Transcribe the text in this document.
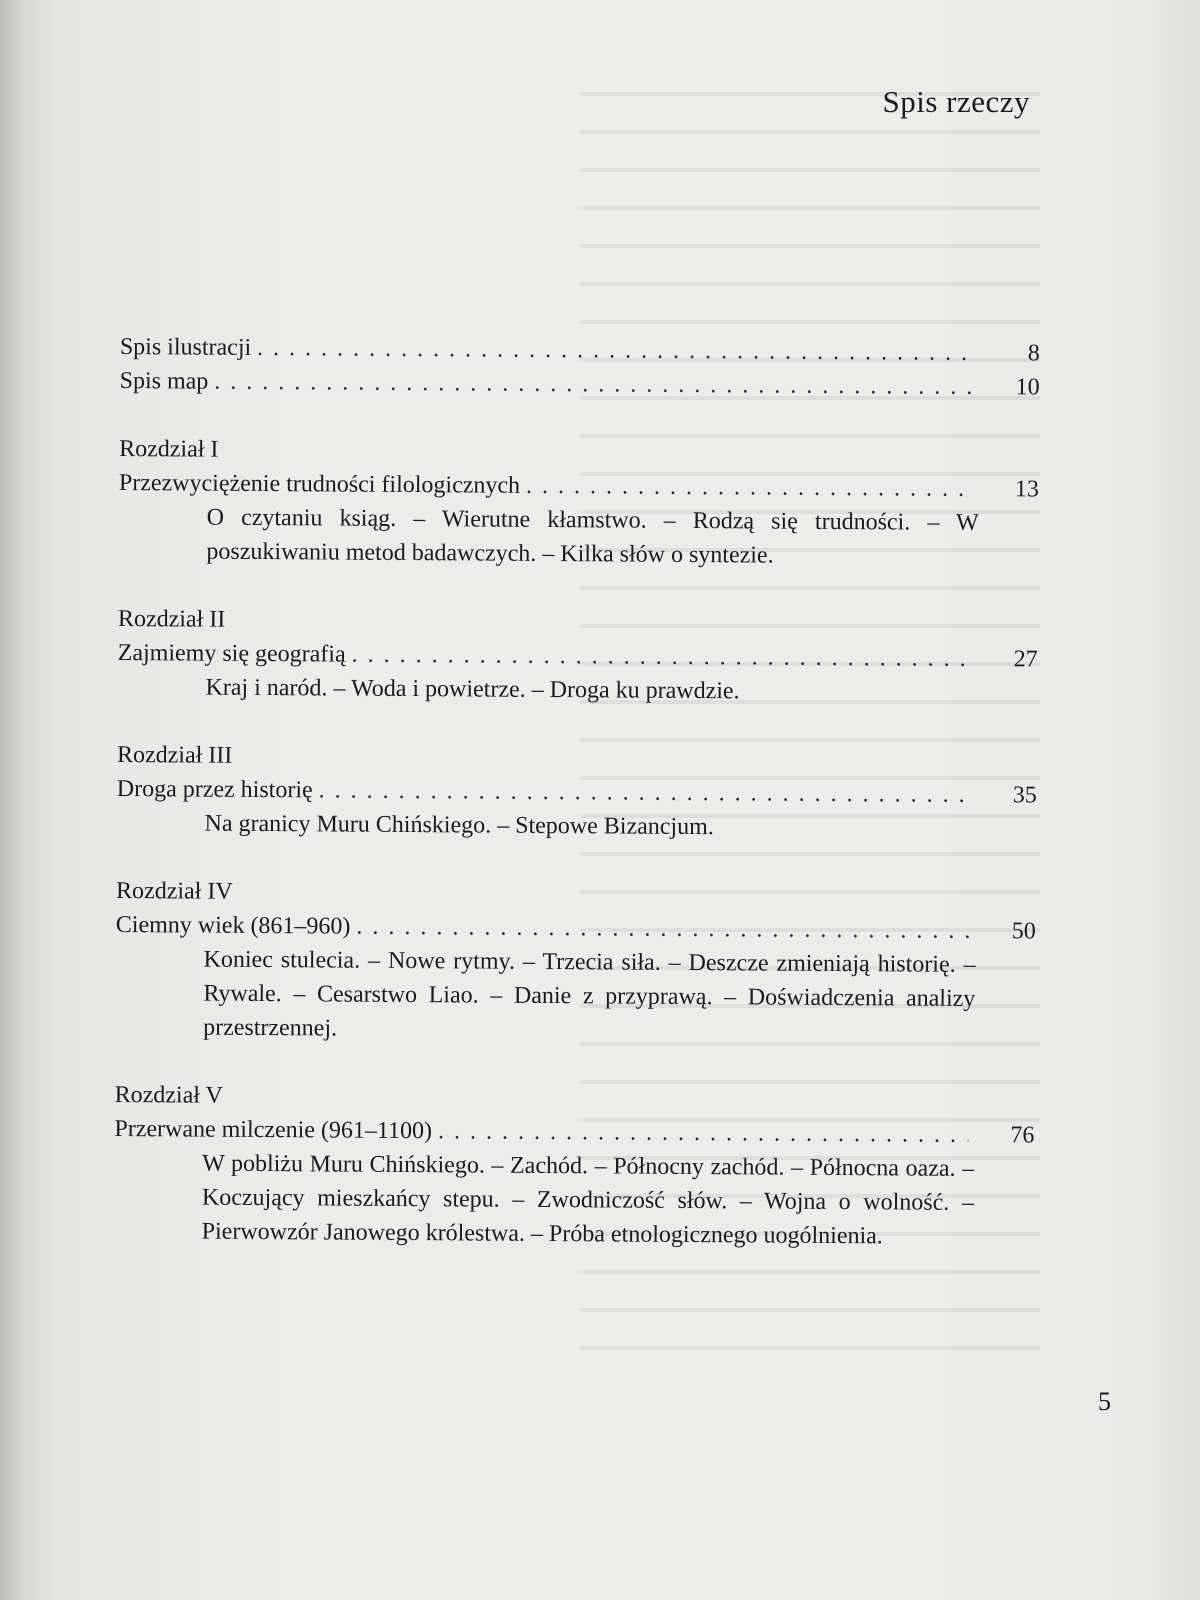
Spis rzeczy
Spis ilustracji . . .	8
Spis map . . .	10
Rozdział I
Przezwyciężenie trudności filologicznych . . .	13
O czytaniu ksiąg. – Wierutne kłamstwo. – Rodzą się trudności. – W poszukiwaniu metod badawczych. – Kilka słów o syntezie.
Rozdział II
Zajmiemy się geografią . . .	27
Kraj i naród. – Woda i powietrze. – Droga ku prawdzie.
Rozdział III
Droga przez historię . . .	35
Na granicy Muru Chińskiego. – Stepowe Bizancjum.
Rozdział IV
Ciemny wiek (861–960) . . .	50
Koniec stulecia. – Nowe rytmy. – Trzecia siła. – Deszcze zmieniają historię. – Rywale. – Cesarstwo Liao. – Danie z przyprawą. – Doświadczenia analizy przestrzennej.
Rozdział V
Przerwane milczenie (961–1100) . . .	76
W pobliżu Muru Chińskiego. – Zachód. – Północny zachód. – Północna oaza. – Koczujący mieszkańcy stepu. – Zwodniczość słów. – Wojna o wolność. – Pierwowzór Janowego królestwa. – Próba etnologicznego uogólnienia.
5
